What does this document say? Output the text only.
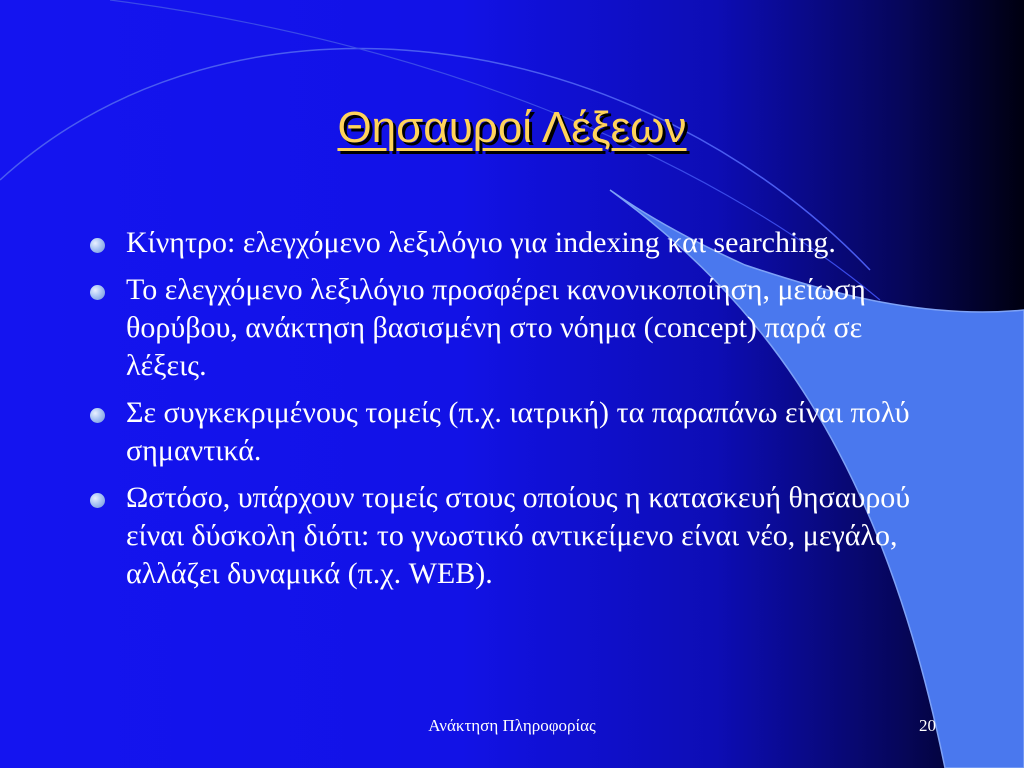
Θησαυροί Λέξεων
Κίνητρο: ελεγχόμενο λεξιλόγιο για indexing και searching.
Το ελεγχόμενο λεξιλόγιο προσφέρει κανονικοποίηση, μείωση θορύβου, ανάκτηση βασισμένη στο νόημα (concept) παρά σε λέξεις.
Σε συγκεκριμένους τομείς (π.χ. ιατρική) τα παραπάνω είναι πολύ σημαντικά.
Ωστόσο, υπάρχουν τομείς στους οποίους η κατασκευή θησαυρού είναι δύσκολη διότι: το γνωστικό αντικείμενο είναι νέο, μεγάλο, αλλάζει δυναμικά (π.χ. WEB).
Ανάκτηση Πληροφορίας	20
